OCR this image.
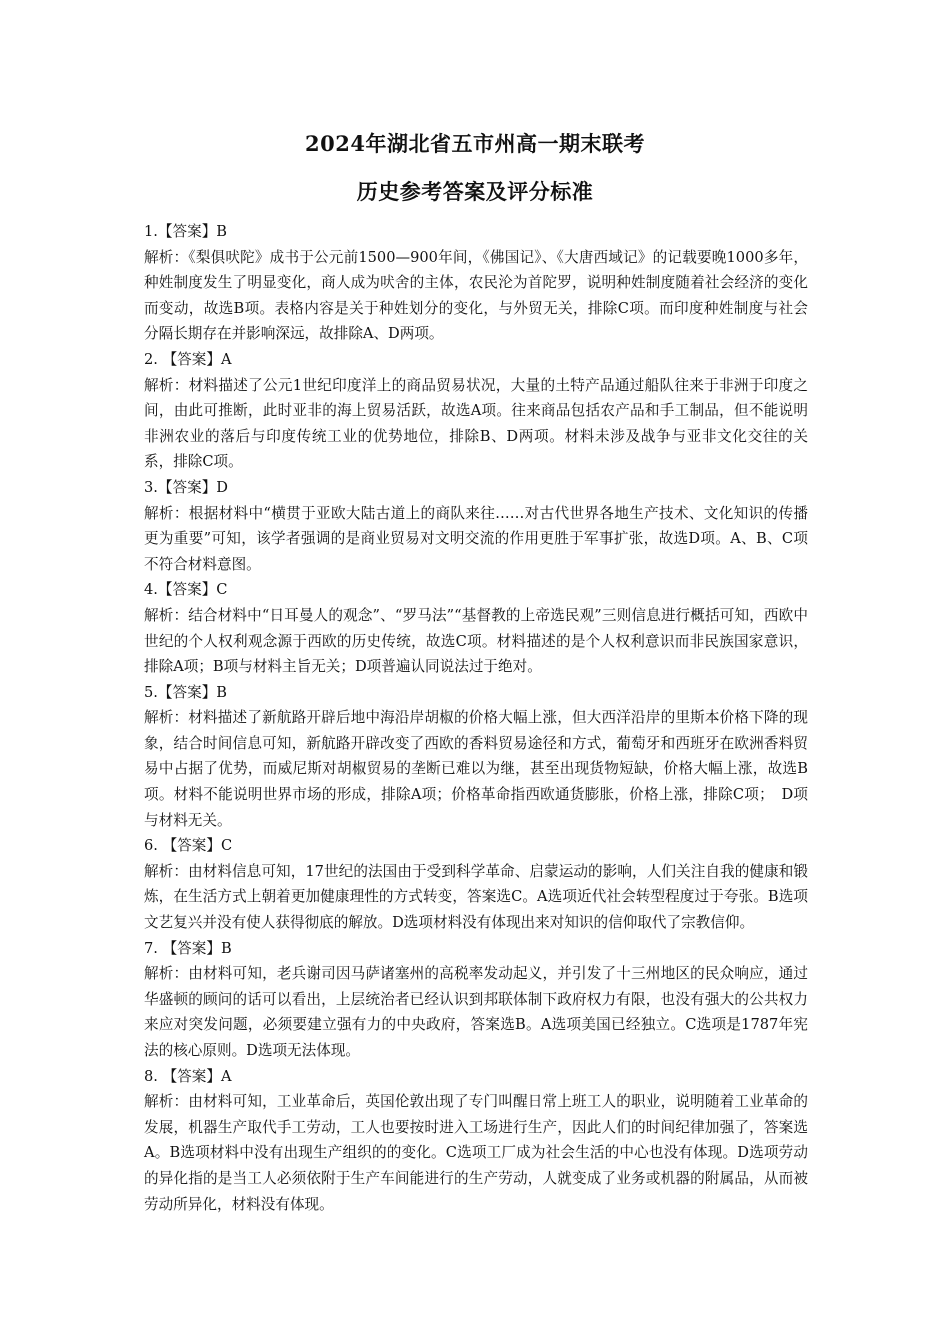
2024年湖北省五市州高一期末联考
历史参考答案及评分标准

1.【答案】B

解析：《梨俱吠陀》成书于公元前1500—900年间，《佛国记》、《大唐西域记》的记载要晚1000多年，种姓制度发生了明显变化，商人成为吠舍的主体，农民沦为首陀罗，说明种姓制度随着社会经济的变化而变动，故选B项。表格内容是关于种姓划分的变化，与外贸无关，排除C项。而印度种姓制度与社会分隔长期存在并影响深远，故排除A、D两项。

2. 【答案】A

解析：材料描述了公元1世纪印度洋上的商品贸易状况，大量的土特产品通过船队往来于非洲于印度之间，由此可推断，此时亚非的海上贸易活跃，故选A项。往来商品包括农产品和手工制品，但不能说明非洲农业的落后与印度传统工业的优势地位，排除B、D两项。材料未涉及战争与亚非文化交往的关系，排除C项。

3.【答案】D

解析：根据材料中“横贯于亚欧大陆古道上的商队来往……对古代世界各地生产技术、文化知识的传播更为重要”可知，该学者强调的是商业贸易对文明交流的作用更胜于军事扩张，故选D项。A、B、C项不符合材料意图。

4.【答案】C

解析：结合材料中“日耳曼人的观念”、“罗马法”“基督教的上帝选民观”三则信息进行概括可知，西欧中世纪的个人权利观念源于西欧的历史传统，故选C项。材料描述的是个人权利意识而非民族国家意识，排除A项；B项与材料主旨无关；D项普遍认同说法过于绝对。

5.【答案】B

解析：材料描述了新航路开辟后地中海沿岸胡椒的价格大幅上涨，但大西洋沿岸的里斯本价格下降的现象，结合时间信息可知，新航路开辟改变了西欧的香料贸易途径和方式，葡萄牙和西班牙在欧洲香料贸易中占据了优势，而威尼斯对胡椒贸易的垄断已难以为继，甚至出现货物短缺，价格大幅上涨，故选B项。材料不能说明世界市场的形成，排除A项；价格革命指西欧通货膨胀，价格上涨，排除C项；　D项与材料无关。

6. 【答案】C

解析：由材料信息可知，17世纪的法国由于受到科学革命、启蒙运动的影响，人们关注自我的健康和锻炼，在生活方式上朝着更加健康理性的方式转变，答案选C。A选项近代社会转型程度过于夸张。B选项文艺复兴并没有使人获得彻底的解放。D选项材料没有体现出来对知识的信仰取代了宗教信仰。

7. 【答案】B

解析：由材料可知，老兵谢司因马萨诸塞州的高税率发动起义，并引发了十三州地区的民众响应，通过华盛顿的顾问的话可以看出，上层统治者已经认识到邦联体制下政府权力有限，也没有强大的公共权力来应对突发问题，必须要建立强有力的中央政府，答案选B。A选项美国已经独立。C选项是1787年宪法的核心原则。D选项无法体现。

8. 【答案】A

解析：由材料可知，工业革命后，英国伦敦出现了专门叫醒日常上班工人的职业，说明随着工业革命的发展，机器生产取代手工劳动，工人也要按时进入工场进行生产，因此人们的时间纪律加强了，答案选A。B选项材料中没有出现生产组织的的变化。C选项工厂成为社会生活的中心也没有体现。D选项劳动的异化指的是当工人必须依附于生产车间能进行的生产劳动，人就变成了业务或机器的附属品，从而被劳动所异化，材料没有体现。
